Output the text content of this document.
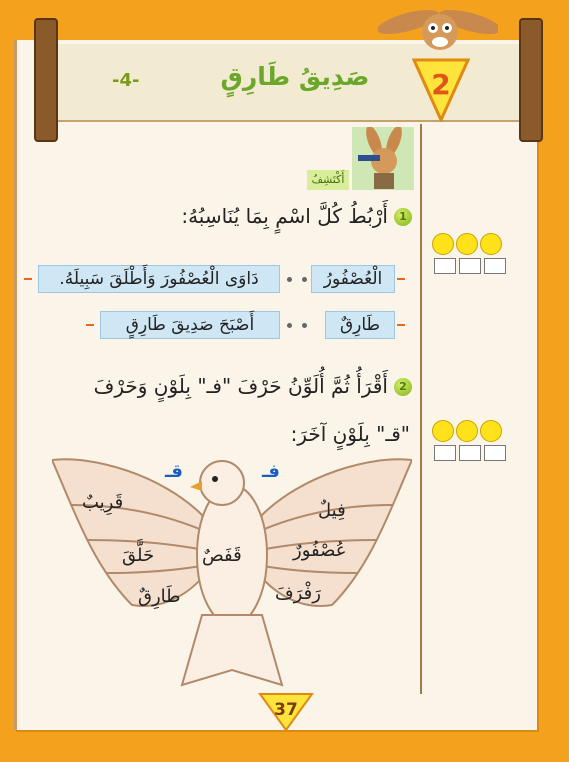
2
صَدِيقُ طَارِقٍ
-4-
أَكْتَشِفُ
1
أَرْبُطُ كُلَّ اسْمٍ بِمَا يُنَاسِبُهُ:
الْعُصْفُورُ
دَاوَى الْعُصْفُورَ وَأَطْلَقَ سَبِيلَهُ.
طَارِقٌ
أَصْبَحَ صَدِيقَ طَارِقٍ
2
أَقْرَأُ ثُمَّ أُلَوِّنُ حَرْفَ "فـ" بِلَوْنٍ وَحَرْفَ
"قـ" بِلَوْنٍ آخَرَ:
فـ
قـ
فِيلٌ
عُصْفُورٌ
رَفْرَفَ
قَفَصٌ
قَرِيبٌ
حَلَّقَ
طَارِقٌ
37
